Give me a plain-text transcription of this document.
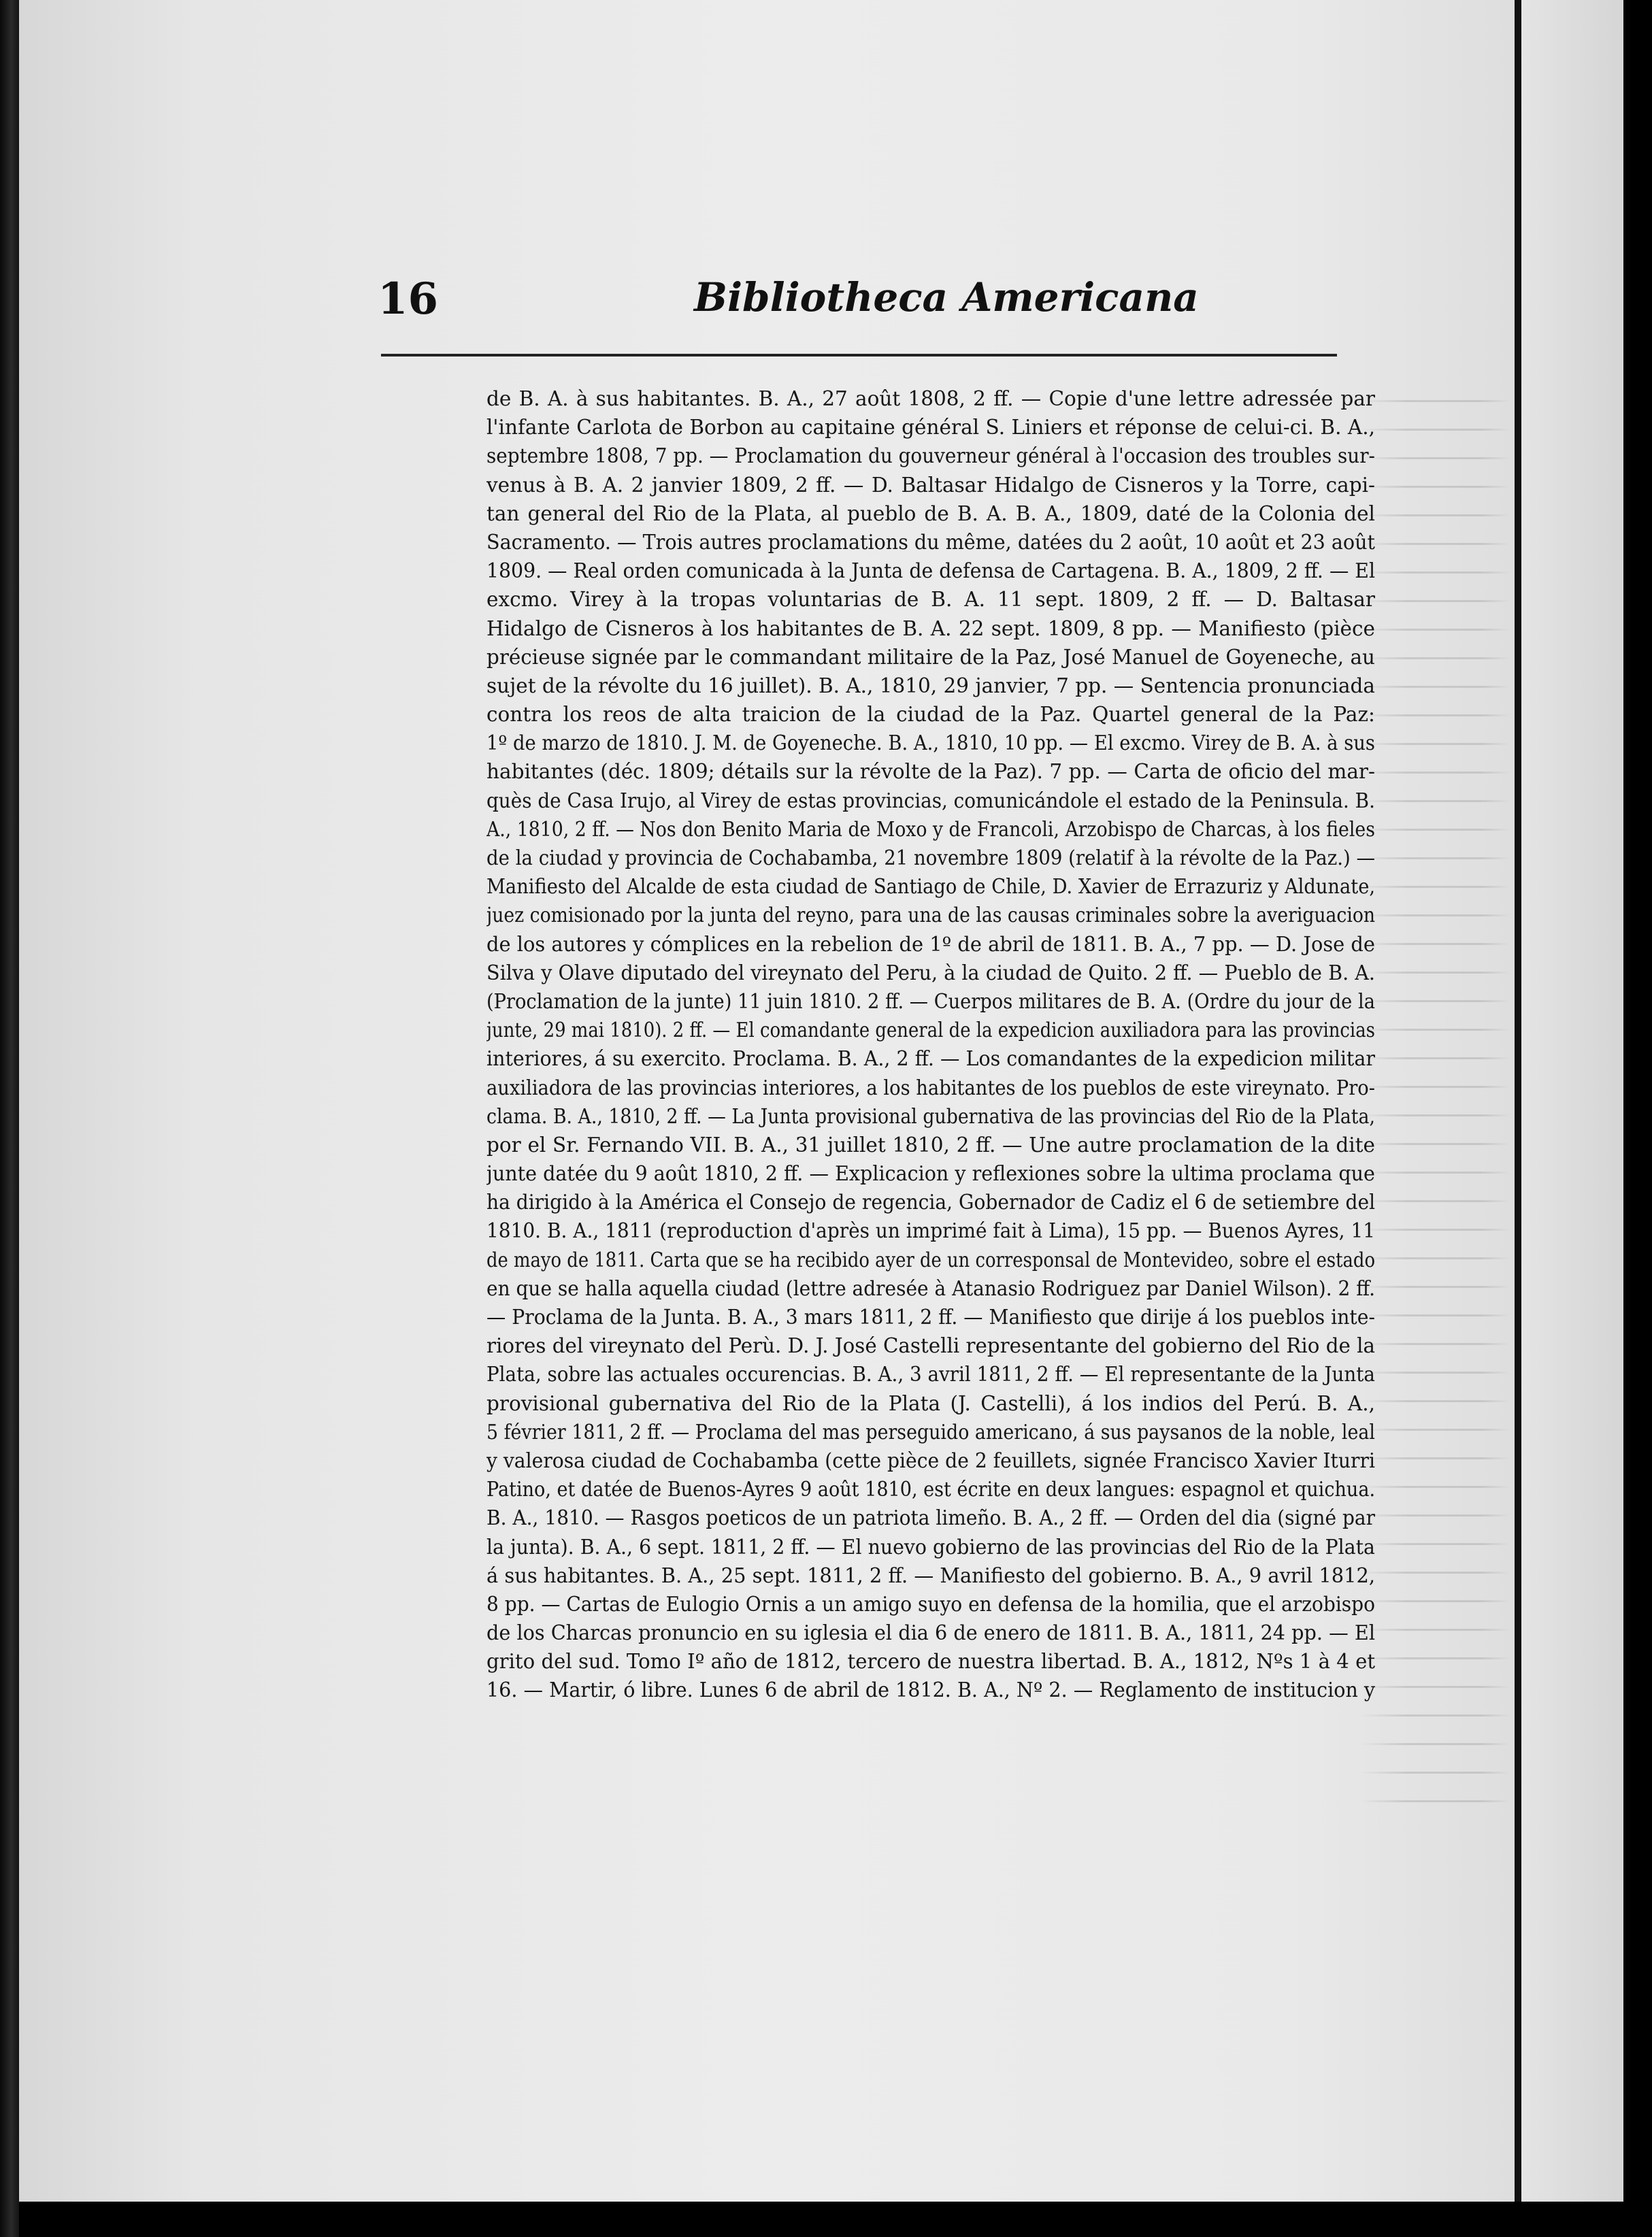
16	Bibliotheca Americana
de B. A. à sus habitantes. B. A., 27 août 1808, 2 ff. — Copie d'une lettre adressée par
l'infante Carlota de Borbon au capitaine général S. Liniers et réponse de celui-ci. B. A.,
septembre 1808, 7 pp. — Proclamation du gouverneur général à l'occasion des troubles sur-
venus à B. A. 2 janvier 1809, 2 ff. — D. Baltasar Hidalgo de Cisneros y la Torre, capi-
tan general del Rio de la Plata, al pueblo de B. A. B. A., 1809, daté de la Colonia del
Sacramento. — Trois autres proclamations du même, datées du 2 août, 10 août et 23 août
1809. — Real orden comunicada à la Junta de defensa de Cartagena. B. A., 1809, 2 ff. — El
excmo. Virey à la tropas voluntarias de B. A. 11 sept. 1809, 2 ff. — D. Baltasar
Hidalgo de Cisneros à los habitantes de B. A. 22 sept. 1809, 8 pp. — Manifiesto (pièce
précieuse signée par le commandant militaire de la Paz, José Manuel de Goyeneche, au
sujet de la révolte du 16 juillet). B. A., 1810, 29 janvier, 7 pp. — Sentencia pronunciada
contra los reos de alta traicion de la ciudad de la Paz. Quartel general de la Paz:
1º de marzo de 1810. J. M. de Goyeneche. B. A., 1810, 10 pp. — El excmo. Virey de B. A. à sus
habitantes (déc. 1809; détails sur la révolte de la Paz). 7 pp. — Carta de oficio del mar-
quès de Casa Irujo, al Virey de estas provincias, comunicándole el estado de la Peninsula. B.
A., 1810, 2 ff. — Nos don Benito Maria de Moxo y de Francoli, Arzobispo de Charcas, à los fieles
de la ciudad y provincia de Cochabamba, 21 novembre 1809 (relatif à la révolte de la Paz.) —
Manifiesto del Alcalde de esta ciudad de Santiago de Chile, D. Xavier de Errazuriz y Aldunate,
juez comisionado por la junta del reyno, para una de las causas criminales sobre la averiguacion
de los autores y cómplices en la rebelion de 1º de abril de 1811. B. A., 7 pp. — D. Jose de
Silva y Olave diputado del vireynato del Peru, à la ciudad de Quito. 2 ff. — Pueblo de B. A.
(Proclamation de la junte) 11 juin 1810. 2 ff. — Cuerpos militares de B. A. (Ordre du jour de la
junte, 29 mai 1810). 2 ff. — El comandante general de la expedicion auxiliadora para las provincias
interiores, á su exercito. Proclama. B. A., 2 ff. — Los comandantes de la expedicion militar
auxiliadora de las provincias interiores, a los habitantes de los pueblos de este vireynato. Pro-
clama. B. A., 1810, 2 ff. — La Junta provisional gubernativa de las provincias del Rio de la Plata,
por el Sr. Fernando VII. B. A., 31 juillet 1810, 2 ff. — Une autre proclamation de la dite
junte datée du 9 août 1810, 2 ff. — Explicacion y reflexiones sobre la ultima proclama que
ha dirigido à la América el Consejo de regencia, Gobernador de Cadiz el 6 de setiembre del
1810. B. A., 1811 (reproduction d'après un imprimé fait à Lima), 15 pp. — Buenos Ayres, 11
de mayo de 1811. Carta que se ha recibido ayer de un corresponsal de Montevideo, sobre el estado
en que se halla aquella ciudad (lettre adresée à Atanasio Rodriguez par Daniel Wilson). 2 ff.
— Proclama de la Junta. B. A., 3 mars 1811, 2 ff. — Manifiesto que dirije á los pueblos inte-
riores del vireynato del Perù. D. J. José Castelli representante del gobierno del Rio de la
Plata, sobre las actuales occurencias. B. A., 3 avril 1811, 2 ff. — El representante de la Junta
provisional gubernativa del Rio de la Plata (J. Castelli), á los indios del Perú. B. A.,
5 février 1811, 2 ff. — Proclama del mas perseguido americano, á sus paysanos de la noble, leal
y valerosa ciudad de Cochabamba (cette pièce de 2 feuillets, signée Francisco Xavier Iturri
Patino, et datée de Buenos-Ayres 9 août 1810, est écrite en deux langues: espagnol et quichua.
B. A., 1810. — Rasgos poeticos de un patriota limeño. B. A., 2 ff. — Orden del dia (signé par
la junta). B. A., 6 sept. 1811, 2 ff. — El nuevo gobierno de las provincias del Rio de la Plata
á sus habitantes. B. A., 25 sept. 1811, 2 ff. — Manifiesto del gobierno. B. A., 9 avril 1812,
8 pp. — Cartas de Eulogio Ornis a un amigo suyo en defensa de la homilia, que el arzobispo
de los Charcas pronuncio en su iglesia el dia 6 de enero de 1811. B. A., 1811, 24 pp. — El
grito del sud. Tomo Iº año de 1812, tercero de nuestra libertad. B. A., 1812, Nºs 1 à 4 et
16. — Martir, ó libre. Lunes 6 de abril de 1812. B. A., Nº 2. — Reglamento de institucion y
